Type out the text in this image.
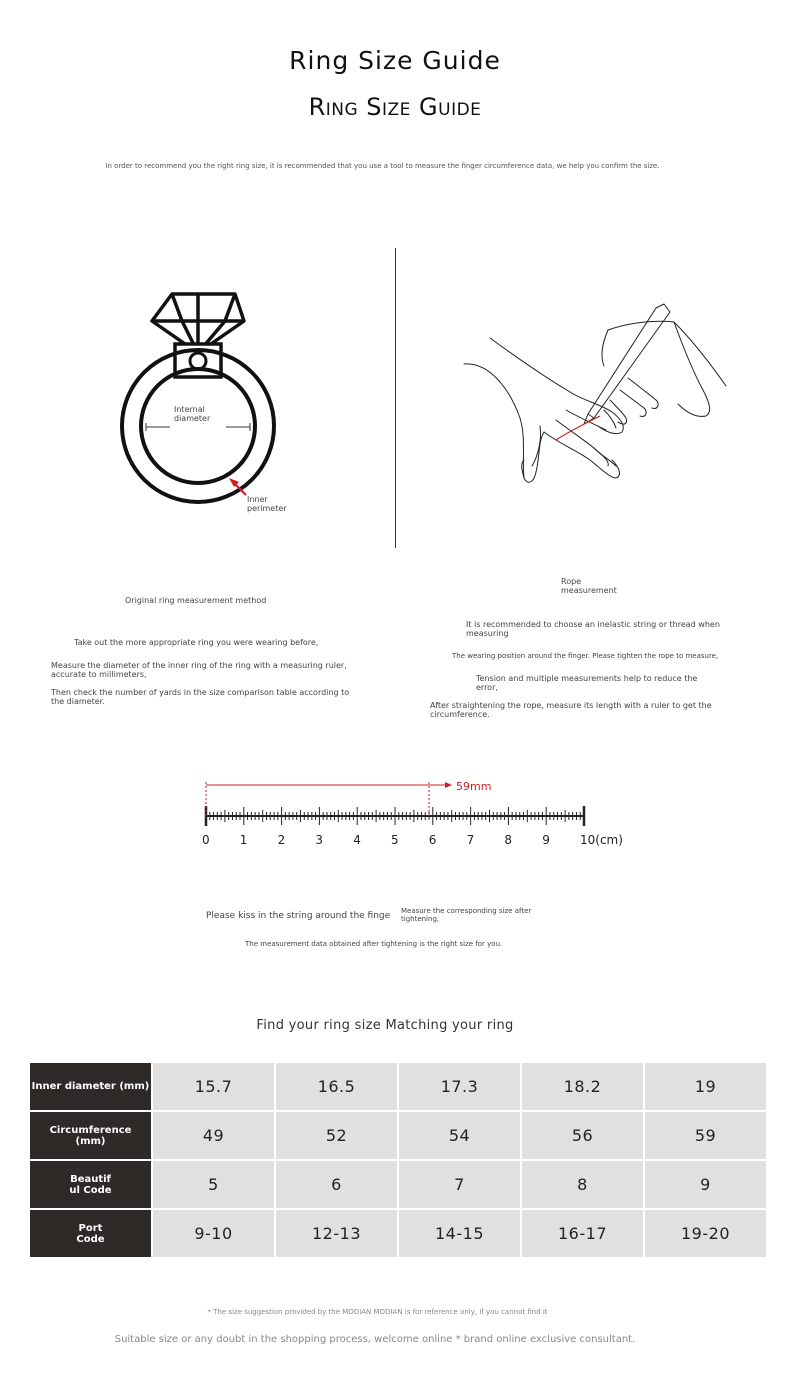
Ring Size Guide
Ring Size Guide
In order to recommend you the right ring size, it is recommended that you use a tool to measure the finger circumference data, we help you confirm the size.
Internal
diameter
Inner
perimeter
Original ring measurement method
Take out the more appropriate ring you were wearing before,
Measure the diameter of the inner ring of the ring with a measuring ruler,
accurate to millimeters,
Then check the number of yards in the size comparison table according to
the diameter.
Rope
measurement
It is recommended to choose an inelastic string or thread when
measuring
The wearing position around the finger. Please tighten the rope to measure,
Tension and multiple measurements help to reduce the
error,
After straightening the rope, measure its length with a ruler to get the
circumference.
59mm
0	1	2	3	4	5	6	7	8	9	10(cm)
Please kiss in the string around the finge Measure the corresponding size after
tightening,
The measurement data obtained after tightening is the right size for you.
Find your ring size Matching your ring
Inner diameter (mm)	15.7	16.5	17.3	18.2	19

Circumference
(mm)	49	52	54	56	59

Beautif
ul Code	5	6	7	8	9

Port
Code	9-10	12-13	14-15	16-17	19-20
* The size suggestion provided by the MODIAN MODIAN is for reference only, if you cannot find it
Suitable size or any doubt in the shopping process, welcome online * brand online exclusive consultant.
